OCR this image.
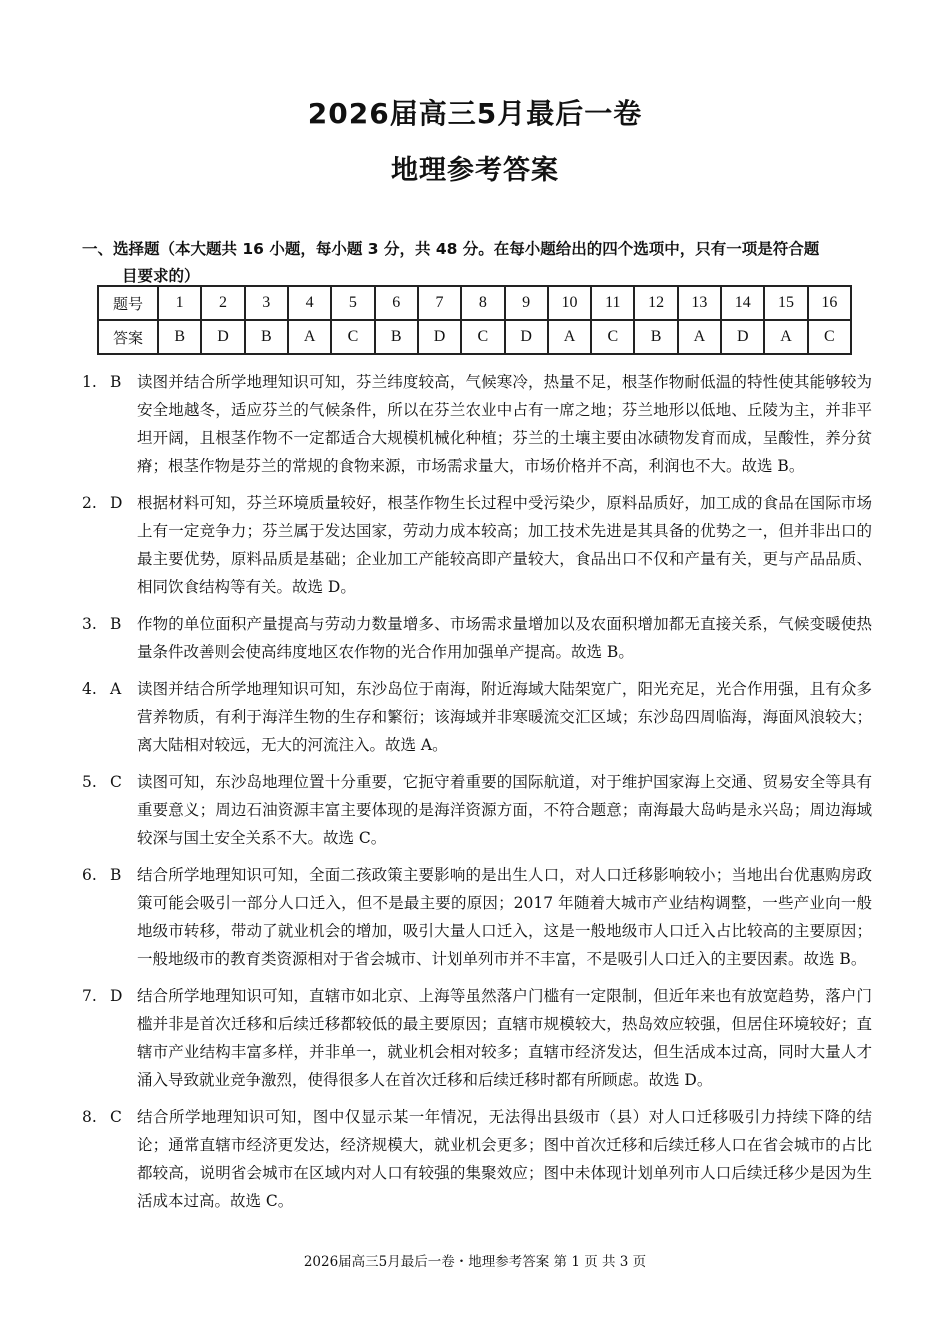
2026届高三5月最后一卷
地理参考答案
一、选择题（本大题共 16 小题，每小题 3 分，共 48 分。在每小题给出的四个选项中，只有一项是符合题
目要求的）
题号	1	2	3	4	5	6	7	8	9	10	11	12	13	14	15	16
答案	B	D	B	A	C	B	D	C	D	A	C	B	A	D	A	C
1. B	读图并结合所学地理知识可知，芬兰纬度较高，气候寒冷，热量不足，根茎作物耐低温的特性使其能够较为安全地越冬，适应芬兰的气候条件，所以在芬兰农业中占有一席之地；芬兰地形以低地、丘陵为主，并非平坦开阔，且根茎作物不一定都适合大规模机械化种植；芬兰的土壤主要由冰碛物发育而成，呈酸性，养分贫瘠；根茎作物是芬兰的常规的食物来源，市场需求量大，市场价格并不高，利润也不大。故选 B。
2. D 根据材料可知，芬兰环境质量较好，根茎作物生长过程中受污染少，原料品质好，加工成的食品在国际市场上有一定竞争力；芬兰属于发达国家，劳动力成本较高；加工技术先进是其具备的优势之一，但并非出口的最主要优势，原料品质是基础；企业加工产能较高即产量较大，食品出口不仅和产量有关，更与产品品质、相同饮食结构等有关。故选 D。
3. B	作物的单位面积产量提高与劳动力数量增多、市场需求量增加以及农面积增加都无直接关系，气候变暖使热量条件改善则会使高纬度地区农作物的光合作用加强单产提高。故选 B。
4. A	读图并结合所学地理知识可知，东沙岛位于南海，附近海域大陆架宽广，阳光充足，光合作用强，且有众多营养物质，有利于海洋生物的生存和繁衍；该海域并非寒暖流交汇区域；东沙岛四周临海，海面风浪较大；离大陆相对较远，无大的河流注入。故选 A。
5. C 读图可知，东沙岛地理位置十分重要，它扼守着重要的国际航道，对于维护国家海上交通、贸易安全等具有重要意义；周边石油资源丰富主要体现的是海洋资源方面，不符合题意；南海最大岛屿是永兴岛；周边海域较深与国土安全关系不大。故选 C。
6. B	结合所学地理知识可知，全面二孩政策主要影响的是出生人口，对人口迁移影响较小；当地出台优惠购房政策可能会吸引一部分人口迁入，但不是最主要的原因；2017 年随着大城市产业结构调整，一些产业向一般地级市转移，带动了就业机会的增加，吸引大量人口迁入，这是一般地级市人口迁入占比较高的主要原因；一般地级市的教育类资源相对于省会城市、计划单列市并不丰富，不是吸引人口迁入的主要因素。故选 B。
7. D 结合所学地理知识可知，直辖市如北京、上海等虽然落户门槛有一定限制，但近年来也有放宽趋势，落户门槛并非是首次迁移和后续迁移都较低的最主要原因；直辖市规模较大，热岛效应较强，但居住环境较好；直辖市产业结构丰富多样，并非单一，就业机会相对较多；直辖市经济发达，但生活成本过高，同时大量人才涌入导致就业竞争激烈，使得很多人在首次迁移和后续迁移时都有所顾虑。故选 D。
8. C 结合所学地理知识可知，图中仅显示某一年情况，无法得出县级市（县）对人口迁移吸引力持续下降的结论；通常直辖市经济更发达，经济规模大，就业机会更多；图中首次迁移和后续迁移人口在省会城市的占比都较高，说明省会城市在区域内对人口有较强的集聚效应；图中未体现计划单列市人口后续迁移少是因为生活成本过高。故选 C。
2026届高三5月最后一卷・地理参考答案 第 1 页 共 3 页
